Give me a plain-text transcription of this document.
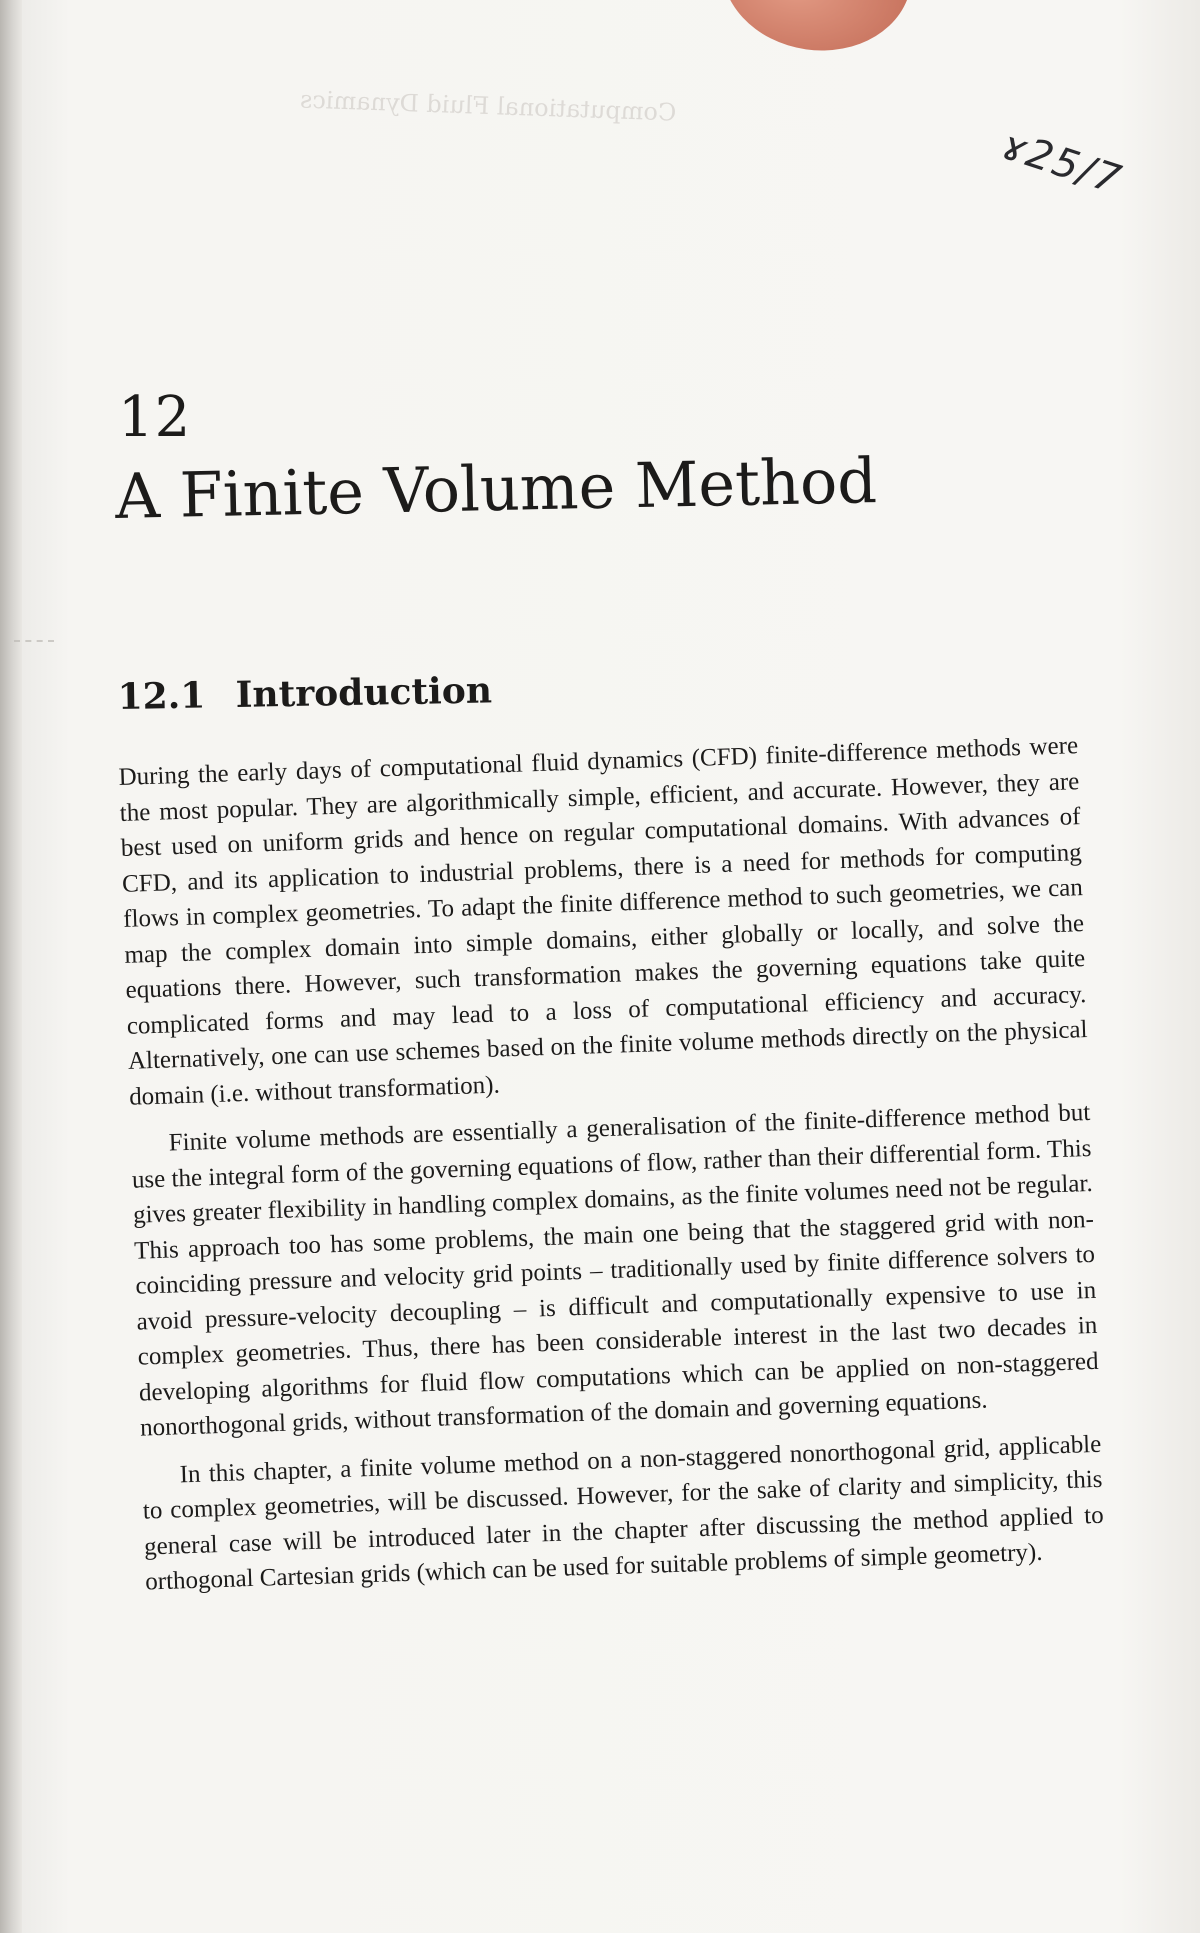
Computational Fluid Dynamics
ɤ25/7
12
A Finite Volume Method
12.1 Introduction

During the early days of computational fluid dynamics (CFD) finite-difference methods were the most popular. They are algorithmically simple, efficient, and accurate. However, they are best used on uniform grids and hence on regular computational domains. With advances of CFD, and its application to industrial problems, there is a need for methods for computing flows in complex geometries. To adapt the finite difference method to such geometries, we can map the complex domain into simple domains, either globally or locally, and solve the equations there. However, such transformation makes the governing equations take quite complicated forms and may lead to a loss of computational efficiency and accuracy. Alternatively, one can use schemes based on the finite volume methods directly on the physical domain (i.e. without transformation).

Finite volume methods are essentially a generalisation of the finite-difference method but use the integral form of the governing equations of flow, rather than their differential form. This gives greater flexibility in handling complex domains, as the finite volumes need not be regular. This approach too has some problems, the main one being that the staggered grid with non-coinciding pressure and velocity grid points – traditionally used by finite difference solvers to avoid pressure-velocity decoupling – is difficult and computationally expensive to use in complex geometries. Thus, there has been considerable interest in the last two decades in developing algorithms for fluid flow computations which can be applied on non-staggered nonorthogonal grids, without transformation of the domain and governing equations.

In this chapter, a finite volume method on a non-staggered nonorthogonal grid, applicable to complex geometries, will be discussed. However, for the sake of clarity and simplicity, this general case will be introduced later in the chapter after discussing the method applied to orthogonal Cartesian grids (which can be used for suitable problems of simple geometry).
